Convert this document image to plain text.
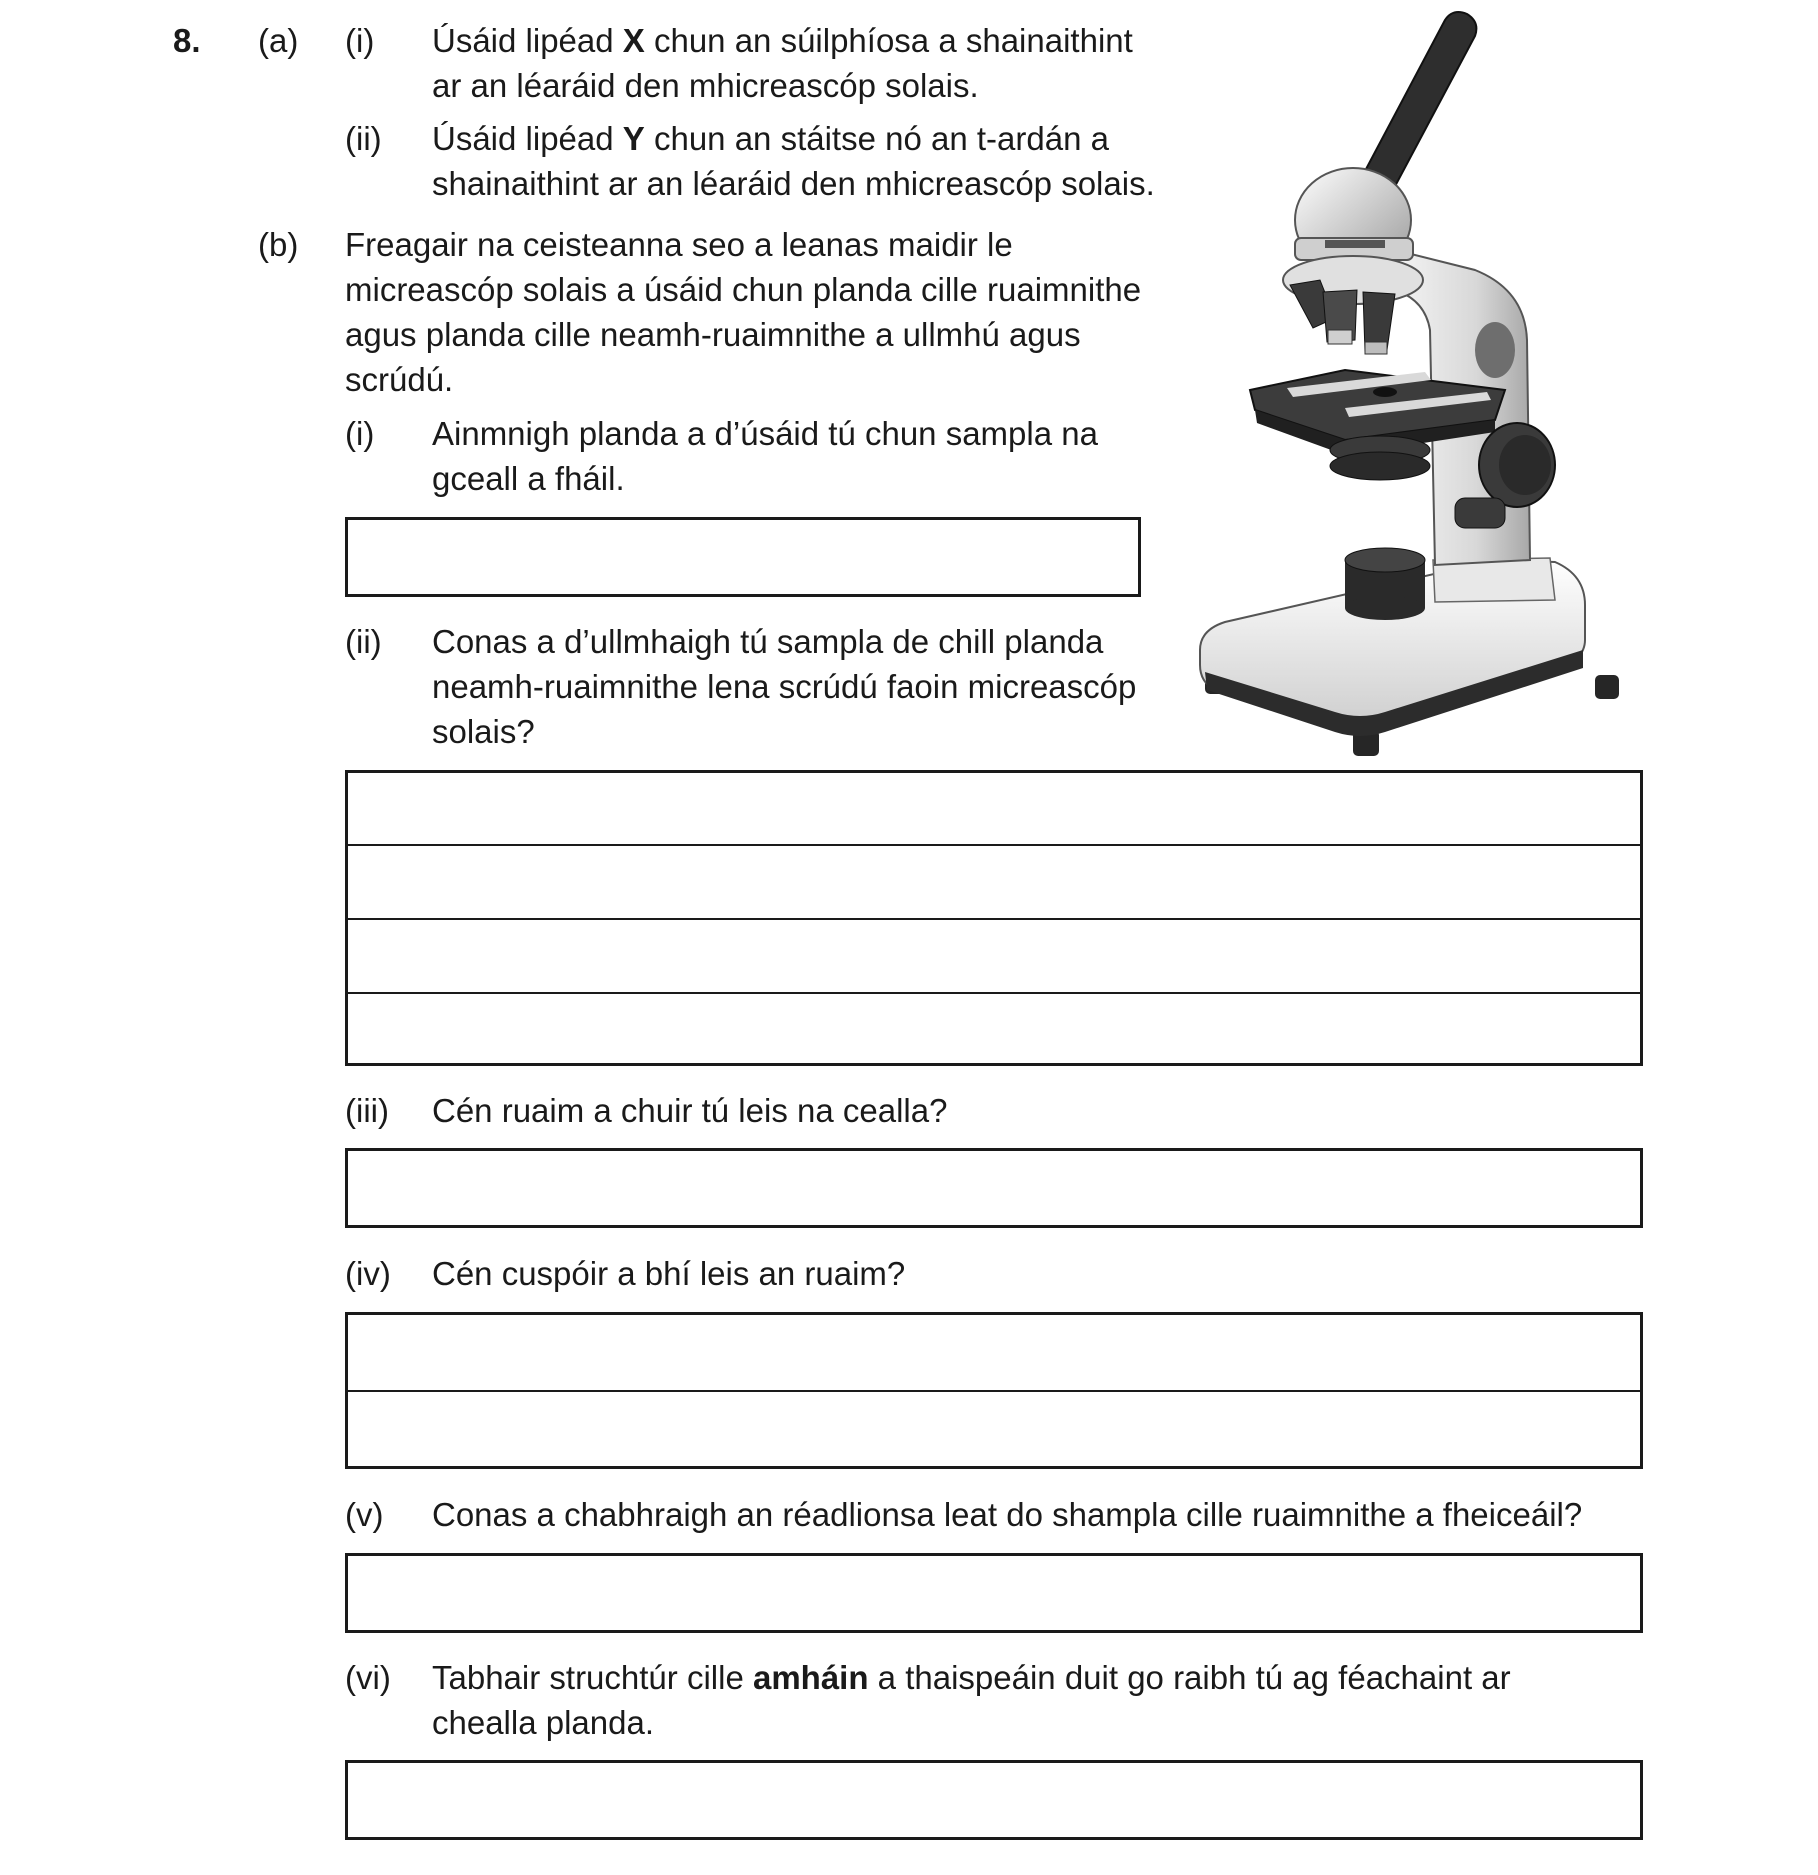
8. (a) (i) Úsáid lipéad X chun an súilphíosa a shainaithint

ar an léaráid den mhicreascóp solais.

(ii) Úsáid lipéad Y chun an stáitse nó an t-ardán a

shainaithint ar an léaráid den mhicreascóp solais.

(b) Freagair na ceisteanna seo a leanas maidir le

micreascóp solais a úsáid chun planda cille ruaimnithe

agus planda cille neamh-ruaimnithe a ullmhú agus

scrúdú.

(i) Ainmnigh planda a d’úsáid tú chun sampla na

gceall a fháil.

(ii) Conas a d’ullmhaigh tú sampla de chill planda

neamh-ruaimnithe lena scrúdú faoin micreascóp

solais?

(iii) Cén ruaim a chuir tú leis na cealla?

(iv) Cén cuspóir a bhí leis an ruaim?

(v) Conas a chabhraigh an réadlionsa leat do shampla cille ruaimnithe a fheiceáil?

(vi) Tabhair struchtúr cille amháin a thaispeáin duit go raibh tú ag féachaint ar

chealla planda.
